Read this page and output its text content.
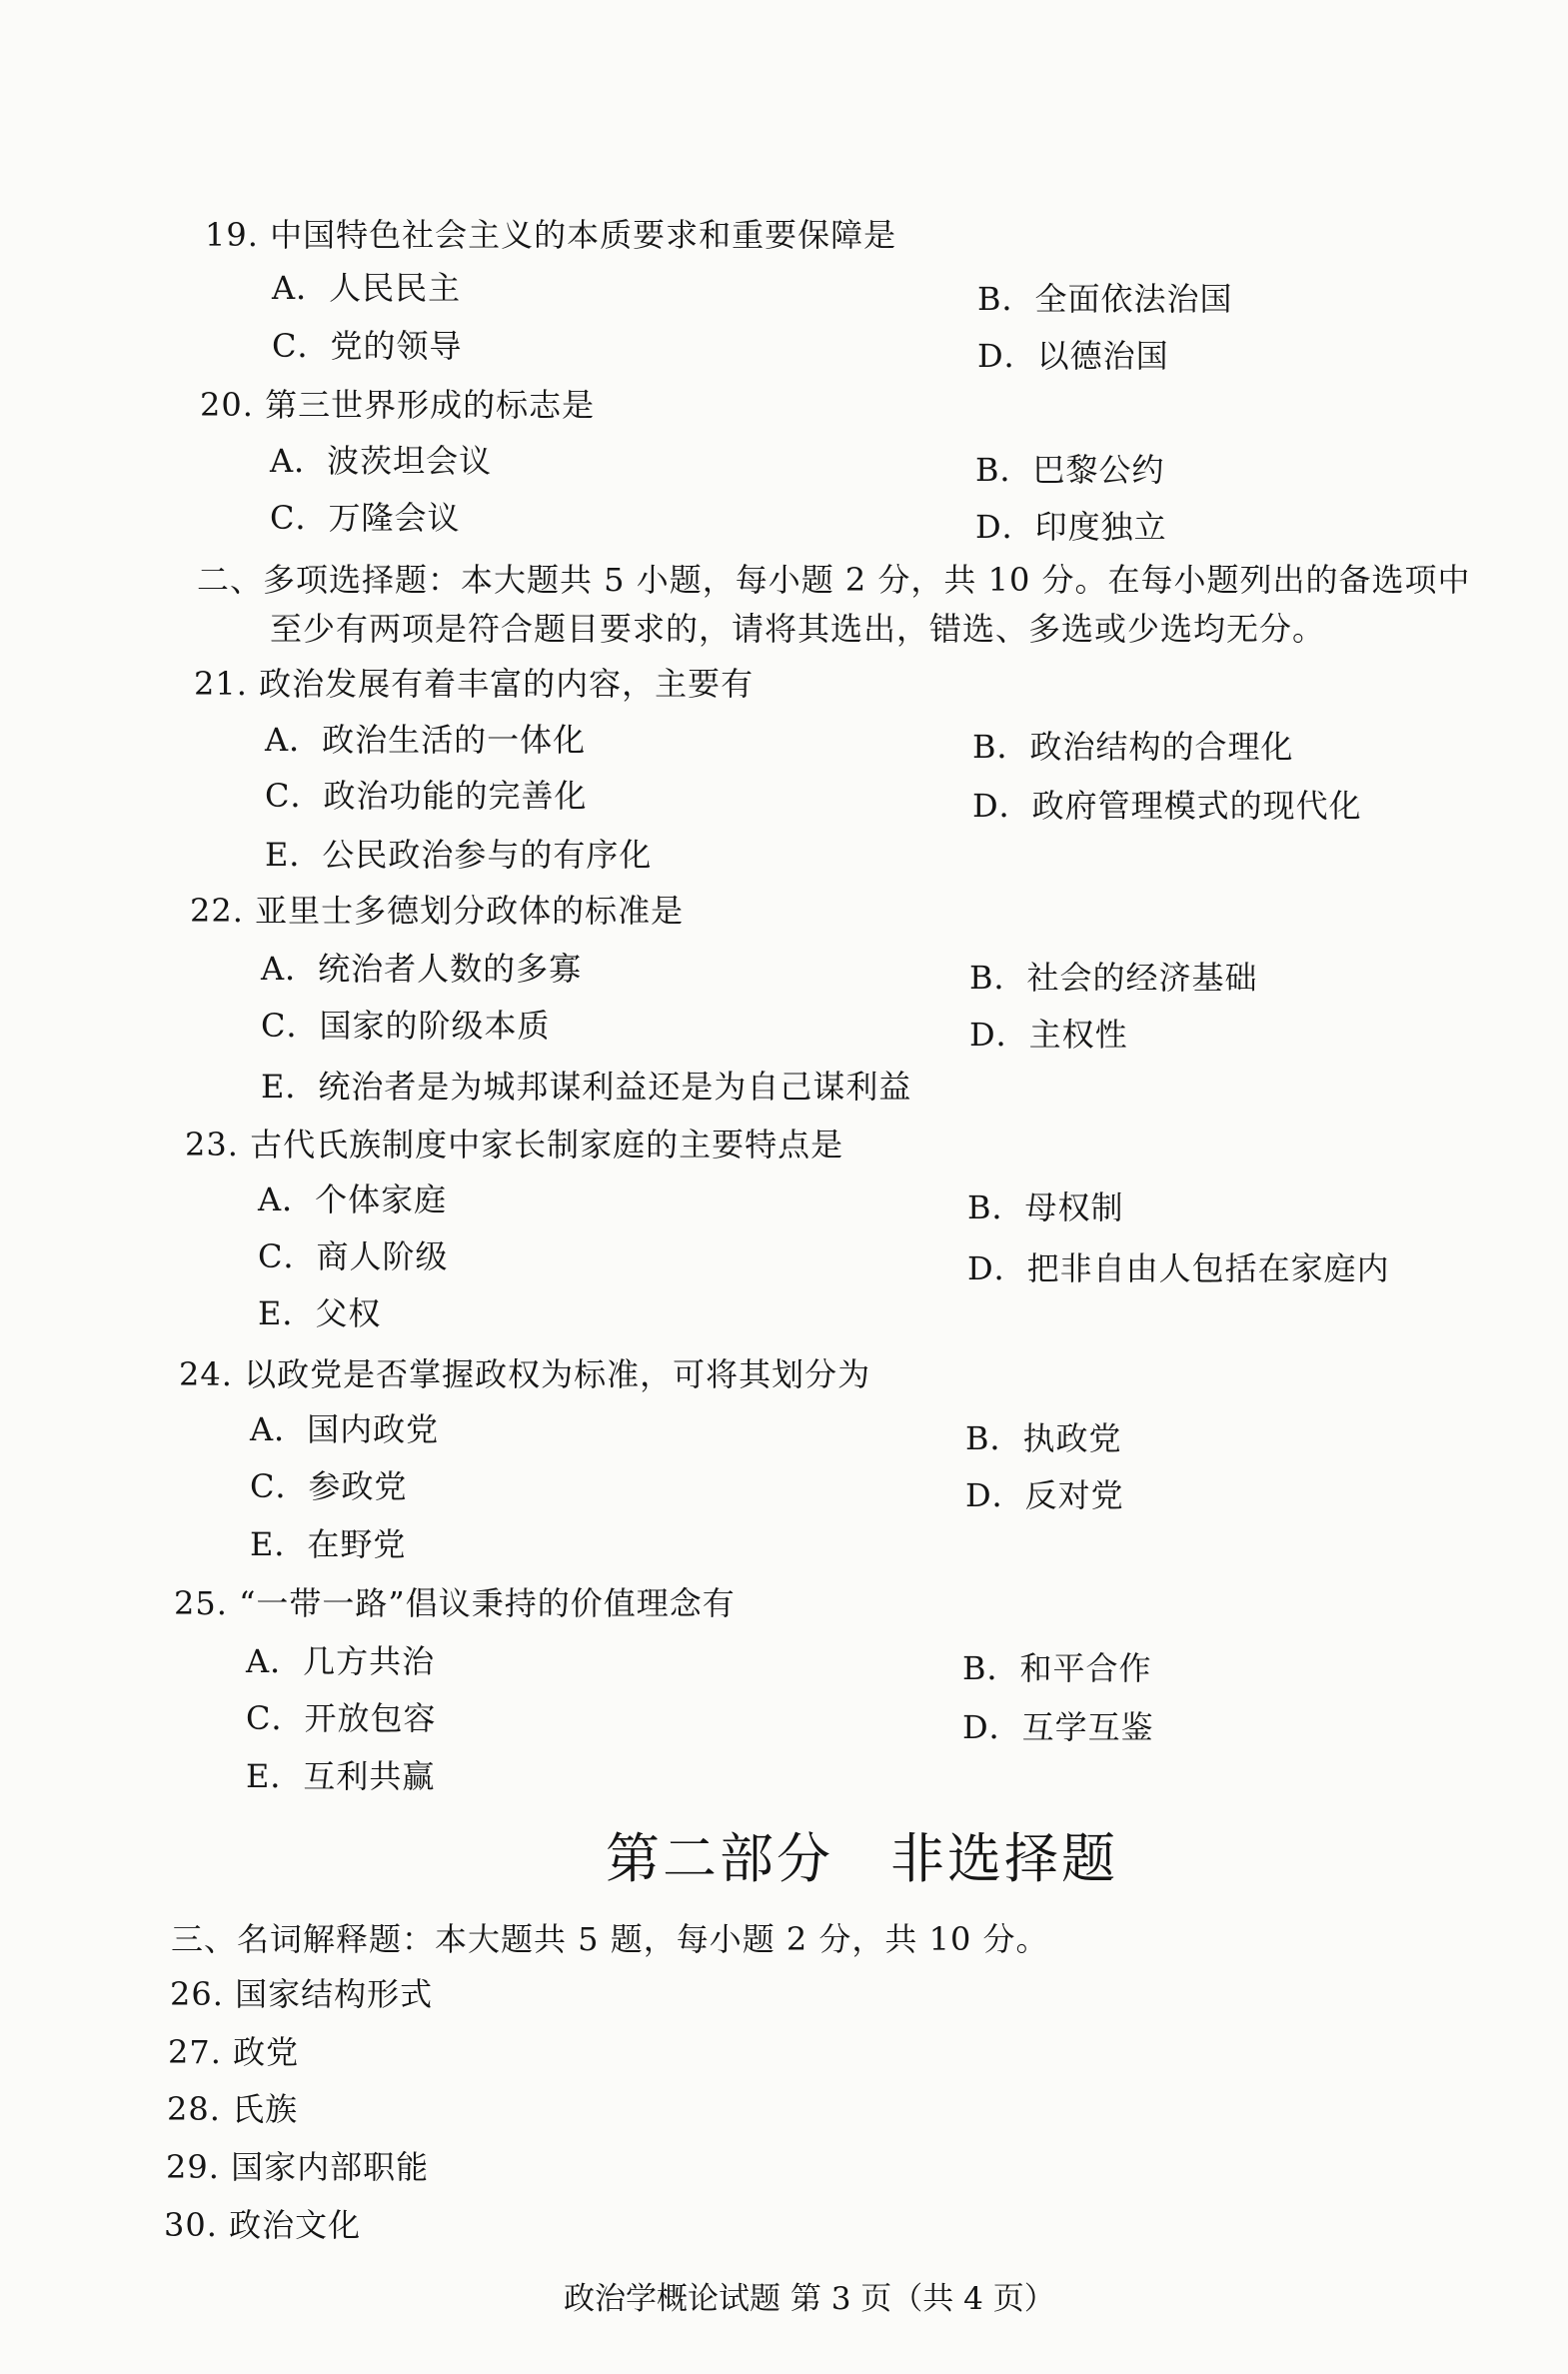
19. 中国特色社会主义的本质要求和重要保障是
A．人民民主	B．全面依法治国
C．党的领导	D．以德治国
20. 第三世界形成的标志是
A．波茨坦会议	B．巴黎公约
C．万隆会议	D．印度独立
二、多项选择题：本大题共 5 小题，每小题 2 分，共 10 分。在每小题列出的备选项中
至少有两项是符合题目要求的，请将其选出，错选、多选或少选均无分。
21. 政治发展有着丰富的内容，主要有
A．政治生活的一体化	B．政治结构的合理化
C．政治功能的完善化	D．政府管理模式的现代化
E．公民政治参与的有序化
22. 亚里士多德划分政体的标准是
A．统治者人数的多寡	B．社会的经济基础
C．国家的阶级本质	D．主权性
E．统治者是为城邦谋利益还是为自己谋利益
23. 古代氏族制度中家长制家庭的主要特点是
A．个体家庭	B．母权制
C．商人阶级	D．把非自由人包括在家庭内
E．父权
24. 以政党是否掌握政权为标准，可将其划分为
A．国内政党	B．执政党
C．参政党	D．反对党
E．在野党
25. “一带一路”倡议秉持的价值理念有
A．几方共治	B．和平合作
C．开放包容	D．互学互鉴
E．互利共赢
第二部分　非选择题
三、名词解释题：本大题共 5 题，每小题 2 分，共 10 分。
26. 国家结构形式
27. 政党
28. 氏族
29. 国家内部职能
30. 政治文化
政治学概论试题 第 3 页（共 4 页）
